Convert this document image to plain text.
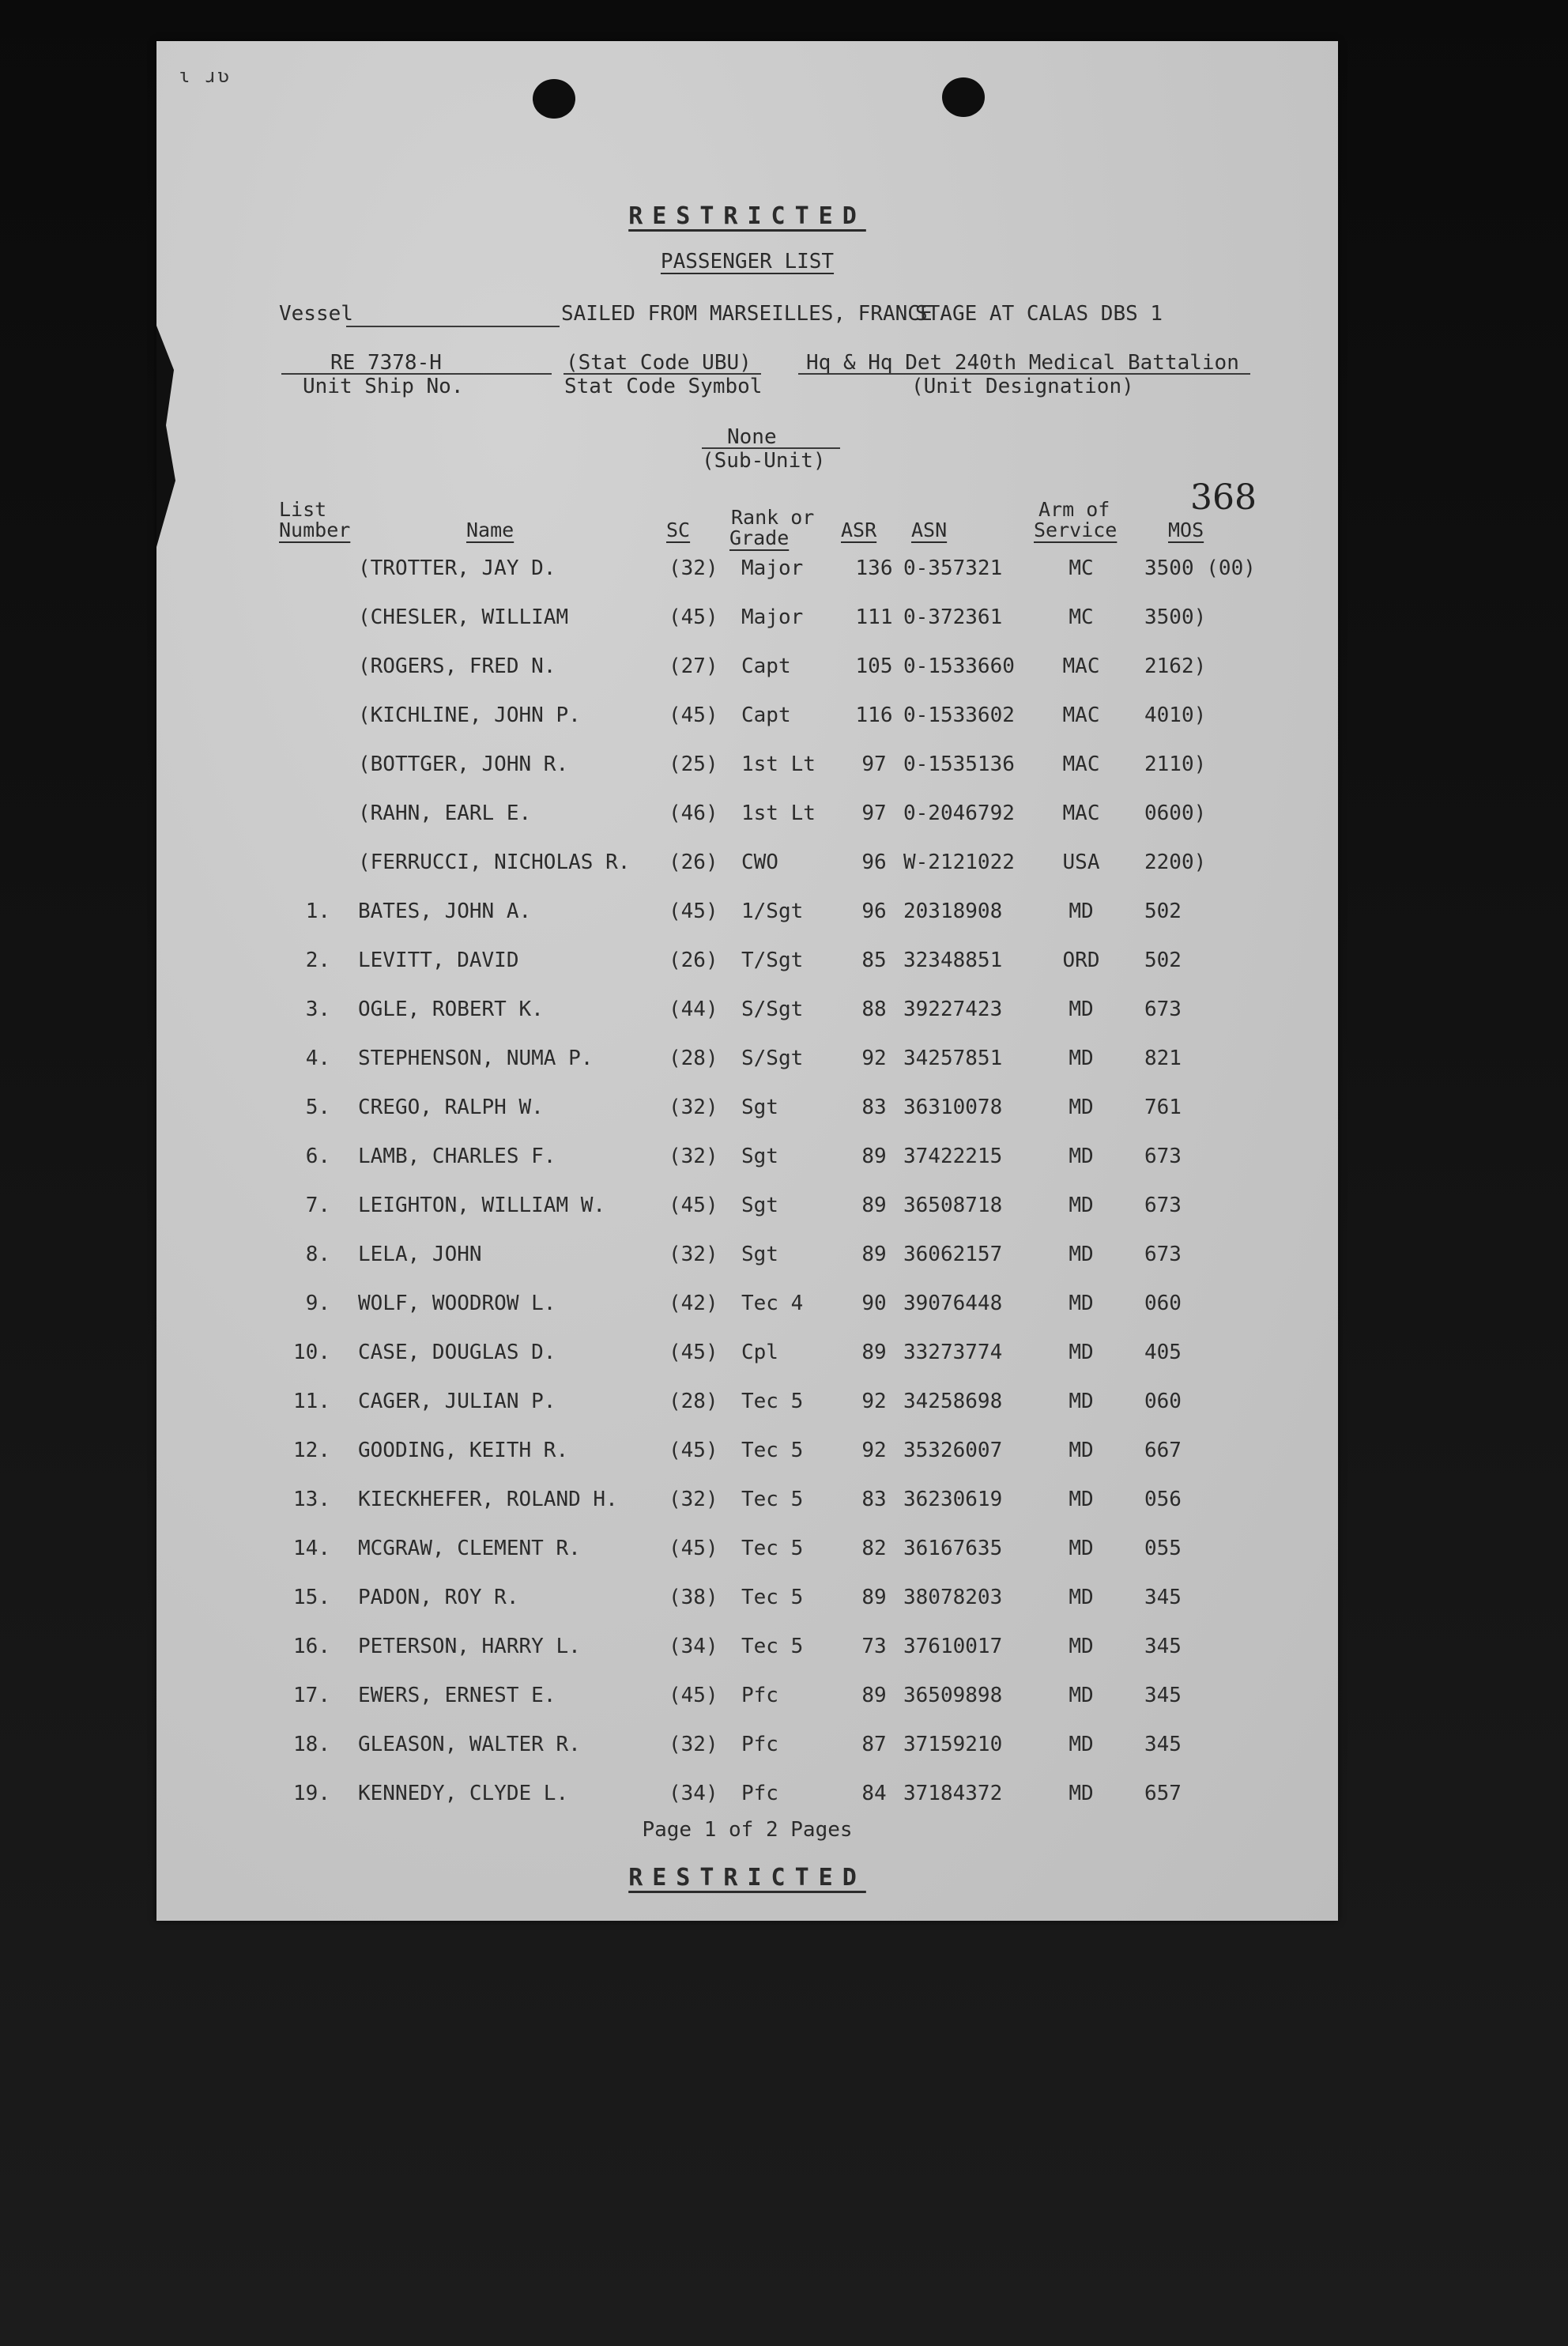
ɩ ɹʋ
RESTRICTED
PASSENGER LIST
Vessel	SAILED FROM MARSEILLES, FRANCE
STAGE AT CALAS DBS 1
RE 7378-H
Unit Ship No.
(Stat Code UBU)
Stat Code Symbol
Hq & Hq Det 240th Medical Battalion
(Unit Designation)
None
(Sub-Unit)
368
List
Number	Name	SC
Rank or
Grade	ASR ASN
Arm of
Service	MOS
(TROTTER, JAY D.	(32) Major	136 0-357321	MC	3500 (00)
(CHESLER, WILLIAM	(45) Major	111 0-372361	MC	3500)
(ROGERS, FRED N.	(27) Capt	105 0-1533660	MAC	2162)
(KICHLINE, JOHN P.	(45) Capt	116 0-1533602	MAC	4010)
(BOTTGER, JOHN R.	(25) 1st Lt	97 0-1535136	MAC	2110)
(RAHN, EARL E.	(46) 1st Lt	97 0-2046792	MAC	0600)
(FERRUCCI, NICHOLAS R. (26) CWO	96 W-2121022	USA	2200)
1. BATES, JOHN A.	(45) 1/Sgt	96 20318908	MD	502
2. LEVITT, DAVID	(26) T/Sgt	85 32348851	ORD	502
3. OGLE, ROBERT K.	(44) S/Sgt	88 39227423	MD	673
4. STEPHENSON, NUMA P.	(28) S/Sgt	92 34257851	MD	821
5. CREGO, RALPH W.	(32) Sgt	83 36310078	MD	761
6. LAMB, CHARLES F.	(32) Sgt	89 37422215	MD	673
7. LEIGHTON, WILLIAM W.	(45) Sgt	89 36508718	MD	673
8. LELA, JOHN	(32) Sgt	89 36062157	MD	673
9. WOLF, WOODROW L.	(42) Tec 4	90 39076448	MD	060
10. CASE, DOUGLAS D.	(45) Cpl	89 33273774	MD	405
11. CAGER, JULIAN P.	(28) Tec 5	92 34258698	MD	060
12. GOODING, KEITH R.	(45) Tec 5	92 35326007	MD	667
13. KIECKHEFER, ROLAND H. (32) Tec 5	83 36230619	MD	056
14. MCGRAW, CLEMENT R.	(45) Tec 5	82 36167635	MD	055
15. PADON, ROY R.	(38) Tec 5	89 38078203	MD	345
16. PETERSON, HARRY L.	(34) Tec 5	73 37610017	MD	345
17. EWERS, ERNEST E.	(45) Pfc	89 36509898	MD	345
18. GLEASON, WALTER R.	(32) Pfc	87 37159210	MD	345
19. KENNEDY, CLYDE L.	(34) Pfc	84 37184372	MD	657
Page 1 of 2 Pages
RESTRICTED
